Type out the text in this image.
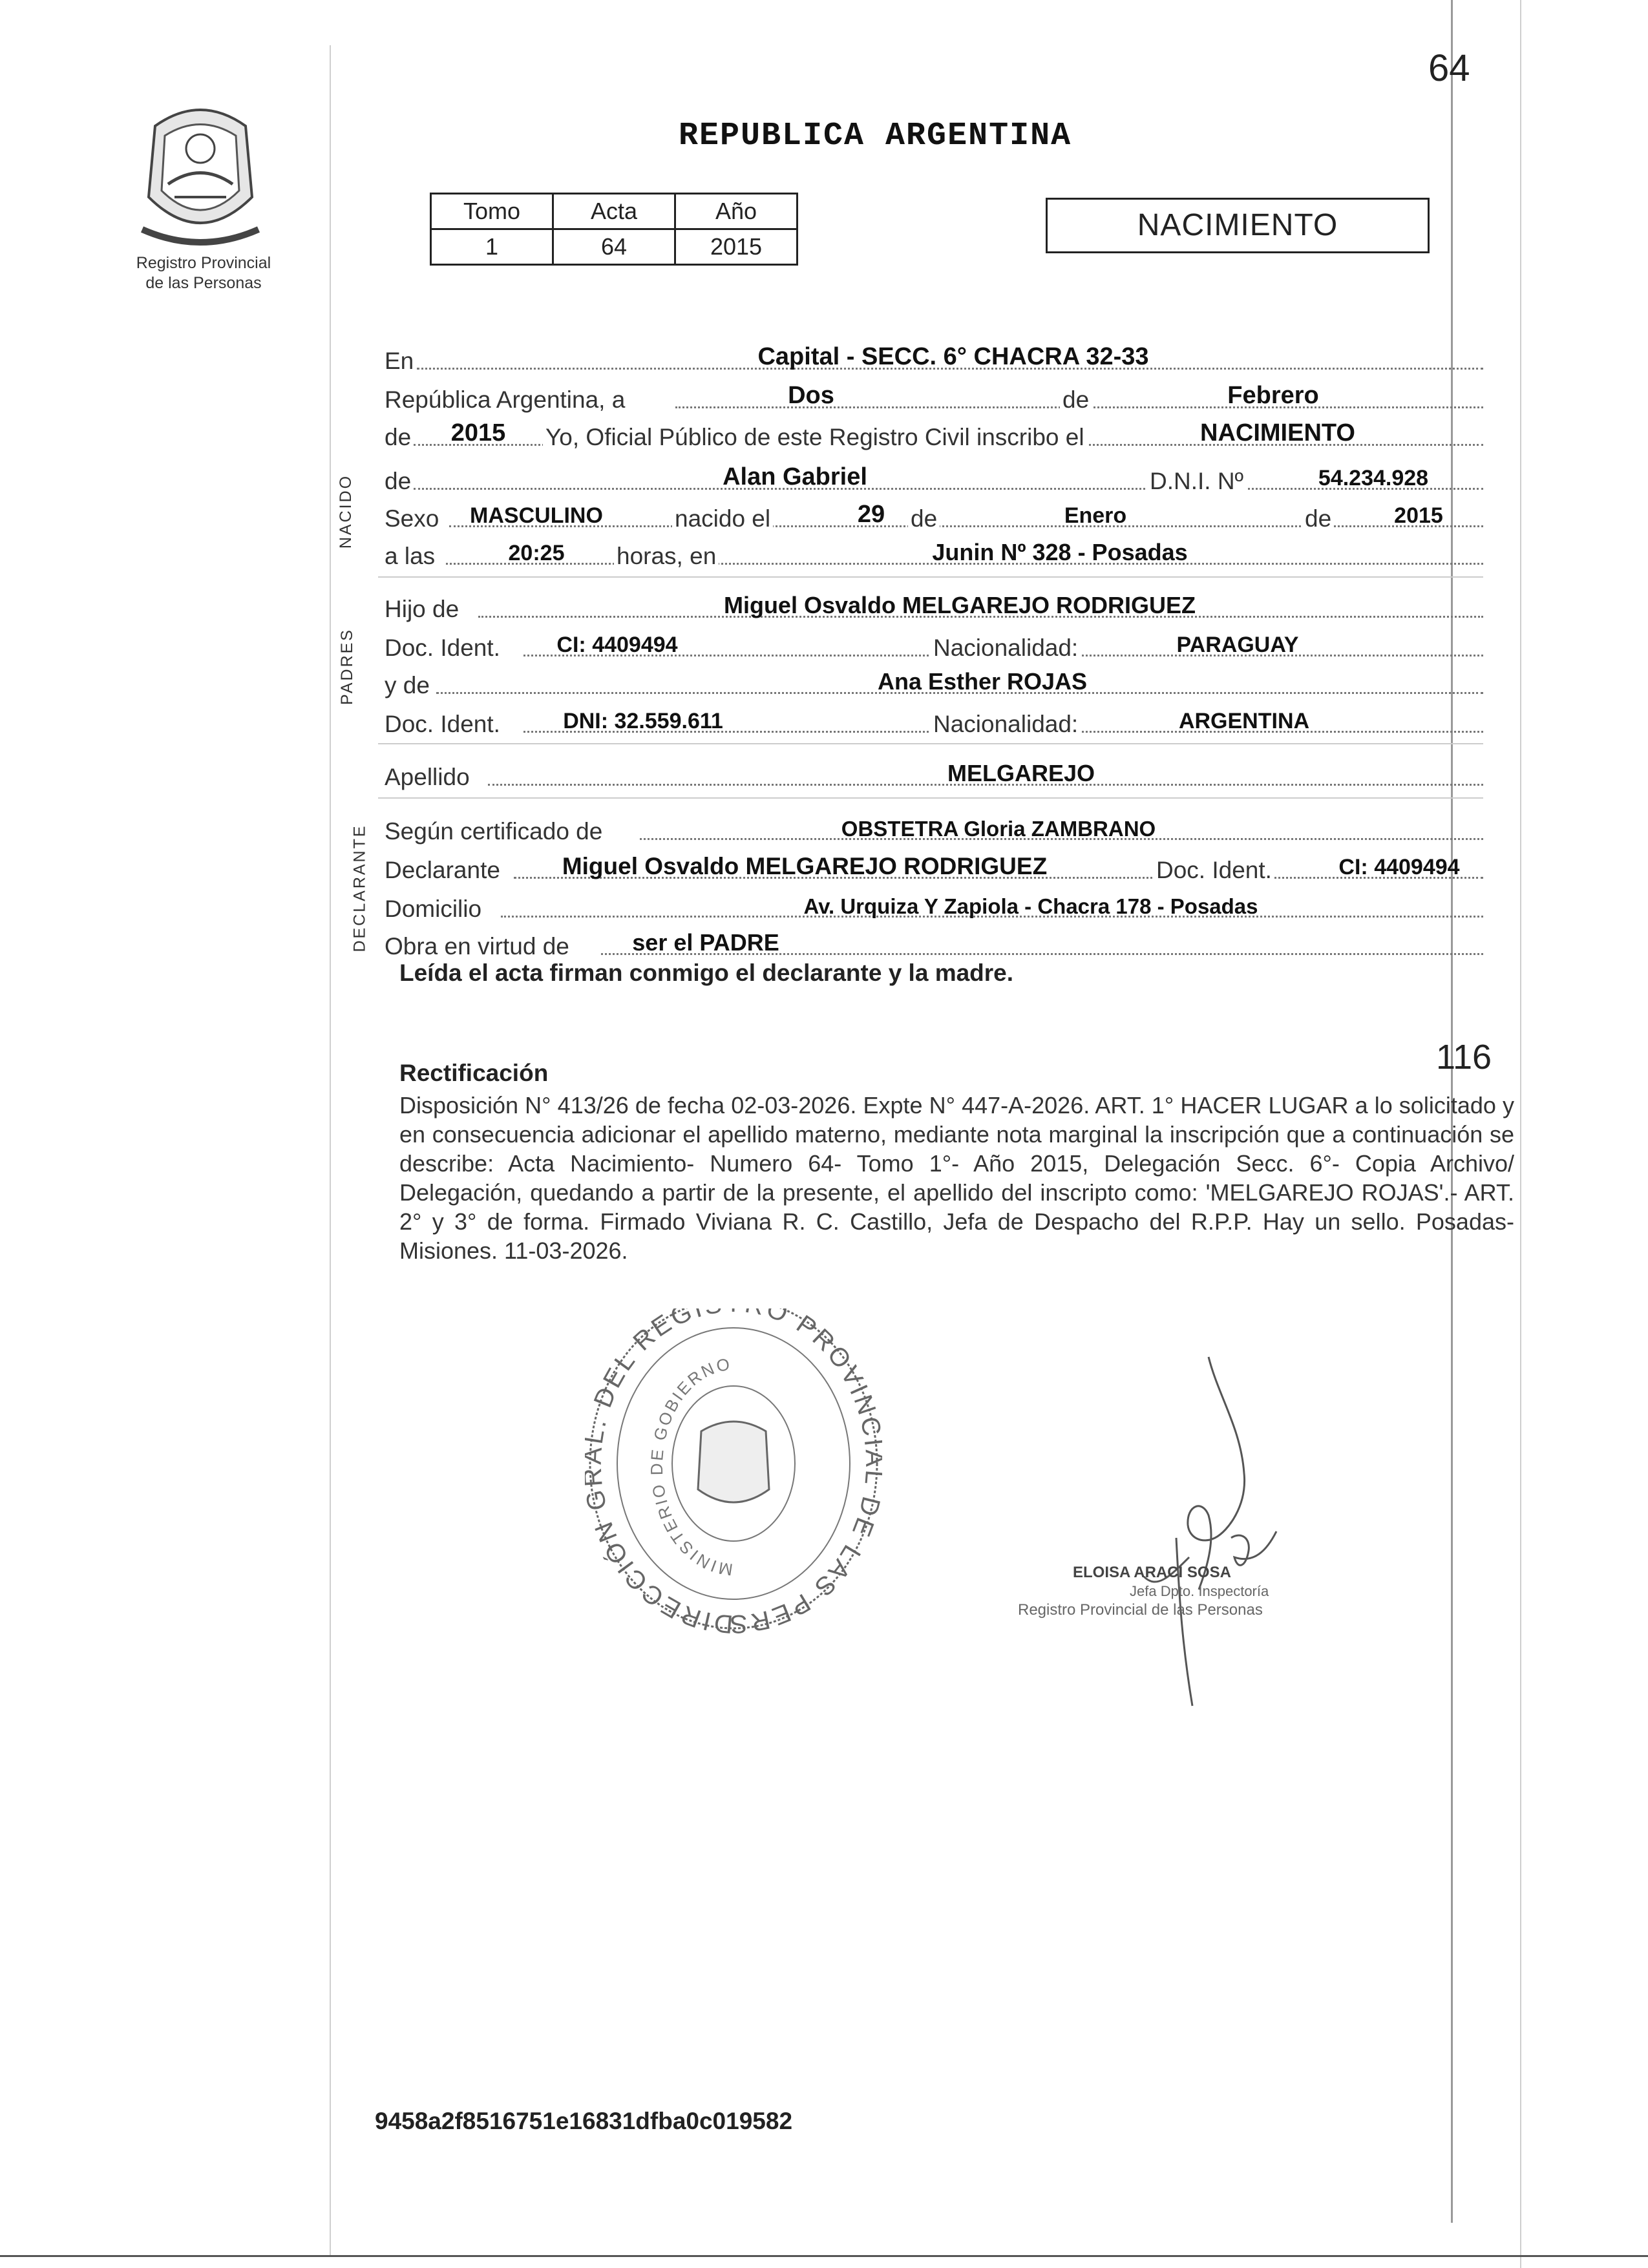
Registro Provincial
de las Personas
REPUBLICA ARGENTINA
64
Tomo	Acta	Año
1	64	2015
NACIMIENTO
En	Capital - SECC. 6° CHACRA 32-33
República Argentina, a	Dos	de	Febrero
de 2015 Yo, Oficial Público de este Registro Civil inscribo el	NACIMIENTO
de	Alan Gabriel	D.N.I. Nº	54.234.928
Sexo MASCULINO	nacido el	29 de	Enero	de	2015
a las	20:25 horas, en	Junin Nº 328 - Posadas
Hijo de	Miguel Osvaldo MELGAREJO RODRIGUEZ
Doc. Ident.	CI: 4409494	Nacionalidad:	PARAGUAY
y de	Ana Esther ROJAS
Doc. Ident.	DNI: 32.559.611	Nacionalidad:	ARGENTINA
Apellido	MELGAREJO
Según certificado de	OBSTETRA Gloria ZAMBRANO
Declarante	Miguel Osvaldo MELGAREJO RODRIGUEZ	Doc. Ident.	CI: 4409494
Domicilio	Av. Urquiza Y Zapiola - Chacra 178 - Posadas
Obra en virtud de	ser el PADRE
NACIDO
PADRES
DECLARANTE
Leída el acta firman conmigo el declarante y la madre.
116
Rectificación
Disposición N° 413/26 de fecha 02-03-2026. Expte N° 447-A-2026. ART. 1° HACER LUGAR a lo solicitado y en consecuencia adicionar el apellido materno, mediante nota marginal la inscripción que a continuación se describe: Acta Nacimiento- Numero 64- Tomo 1°- Año 2015, Delegación Secc. 6°- Copia Archivo/ Delegación, quedando a partir de la presente, el apellido del inscripto como: 'MELGAREJO ROJAS'.- ART. 2° y 3° de forma. Firmado Viviana R. C. Castillo, Jefa de Despacho del R.P.P. Hay un sello. Posadas- Misiones. 11-03-2026.
DIRECCIÓN . DEL REG O PROVIN DE LAS PERS
MINISTERIO DE GOBIERNO
ELOISA ARACI SOSA
Jefa Dpto. Inspectoría
Registro Provincial de las Personas
9458a2f8516751e16831dfba0c019582
